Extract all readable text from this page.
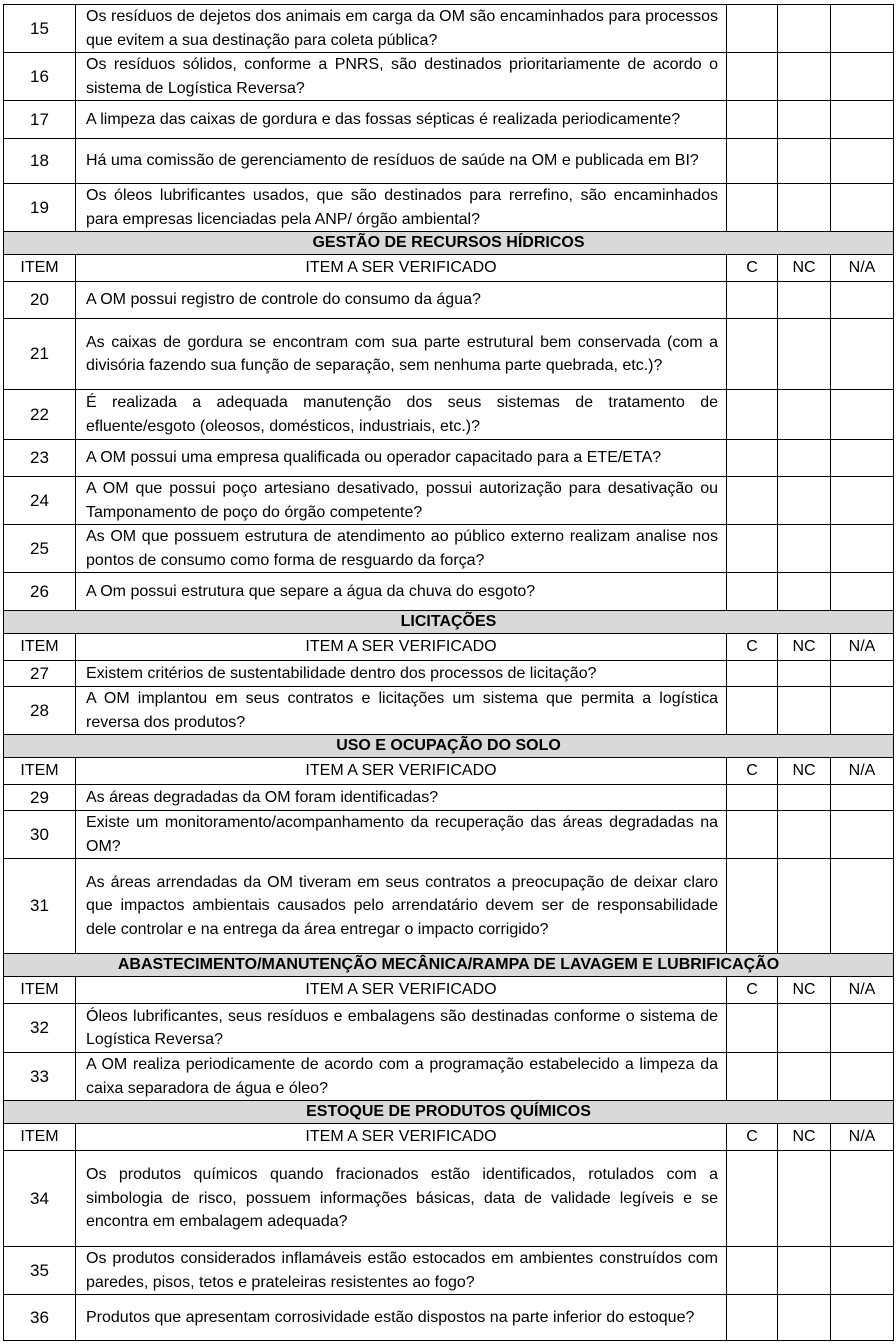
15	Os resíduos de dejetos dos animais em carga da OM são encaminhados para processos que evitem a sua destinação para coleta pública?			
16	Os resíduos sólidos, conforme a PNRS, são destinados prioritariamente de acordo o sistema de Logística Reversa?			
17	A limpeza das caixas de gordura e das fossas sépticas é realizada periodicamente?			
18	Há uma comissão de gerenciamento de resíduos de saúde na OM e publicada em BI?			
19	Os óleos lubrificantes usados, que são destinados para rerrefino, são encaminhados para empresas licenciadas pela ANP/ órgão ambiental?			
GESTÃO DE RECURSOS HÍDRICOS				
ITEM	ITEM A SER VERIFICADO	C	NC	N/A
20	A OM possui registro de controle do consumo da água?			
21	As caixas de gordura se encontram com sua parte estrutural bem conservada (com a divisória fazendo sua função de separação, sem nenhuma parte quebrada, etc.)?			
22	É realizada a adequada manutenção dos seus sistemas de tratamento de efluente/esgoto (oleosos, domésticos, industriais, etc.)?			
23	A OM possui uma empresa qualificada ou operador capacitado para a ETE/ETA?			
24	A OM que possui poço artesiano desativado, possui autorização para desativação ou Tamponamento de poço do órgão competente?			
25	As OM que possuem estrutura de atendimento ao público externo realizam analise nos pontos de consumo como forma de resguardo da força?			
26	A Om possui estrutura que separe a água da chuva do esgoto?			
LICITAÇÕES				
ITEM	ITEM A SER VERIFICADO	C	NC	N/A
27	Existem critérios de sustentabilidade dentro dos processos de licitação?			
28	A OM implantou em seus contratos e licitações um sistema que permita a logística reversa dos produtos?			
USO E OCUPAÇÃO DO SOLO				
ITEM	ITEM A SER VERIFICADO	C	NC	N/A
29	As áreas degradadas da OM foram identificadas?			
30	Existe um monitoramento/acompanhamento da recuperação das áreas degradadas na OM?			
31	As áreas arrendadas da OM tiveram em seus contratos a preocupação de deixar claro que impactos ambientais causados pelo arrendatário devem ser de responsabilidade dele controlar e na entrega da área entregar o impacto corrigido?			
ABASTECIMENTO/MANUTENÇÃO MECÂNICA/RAMPA DE LAVAGEM E LUBRIFICAÇÃO				
ITEM	ITEM A SER VERIFICADO	C	NC	N/A
32	Óleos lubrificantes, seus resíduos e embalagens são destinadas conforme o sistema de Logística Reversa?			
33	A OM realiza periodicamente de acordo com a programação estabelecido a limpeza da caixa separadora de água e óleo?			
ESTOQUE DE PRODUTOS QUÍMICOS				
ITEM	ITEM A SER VERIFICADO	C	NC	N/A
34	Os produtos químicos quando fracionados estão identificados, rotulados com a simbologia de risco, possuem informações básicas, data de validade legíveis e se encontra em embalagem adequada?			
35	Os produtos considerados inflamáveis estão estocados em ambientes construídos com paredes, pisos, tetos e prateleiras resistentes ao fogo?			
36	Produtos que apresentam corrosividade estão dispostos na parte inferior do estoque?			
